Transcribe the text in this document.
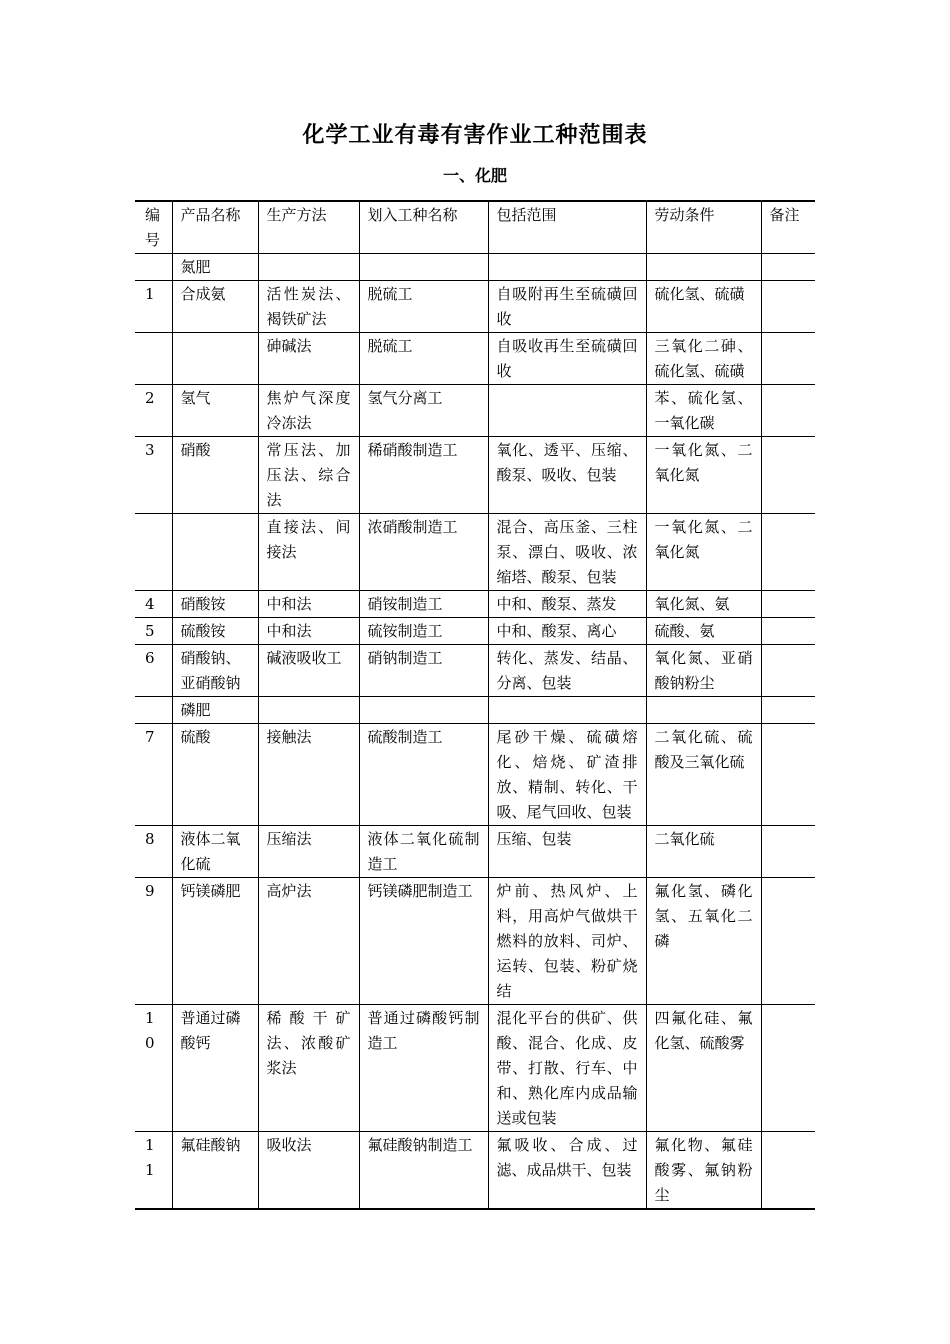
化学工业有毒有害作业工种范围表
一、化肥
编号	产品名称	生产方法	划入工种名称	包括范围	劳动条件	备注
	氮肥					
1	合成氨	活性炭法、褐铁矿法	脱硫工	自吸附再生至硫磺回收	硫化氢、硫磺	
		砷碱法	脱硫工	自吸收再生至硫磺回收	三氧化二砷、硫化氢、硫磺	
2	氢气	焦炉气深度冷冻法	氢气分离工		苯、硫化氢、一氧化碳	
3	硝酸	常压法、加压法、综合法	稀硝酸制造工	氧化、透平、压缩、酸泵、吸收、包装	一氧化氮、二氧化氮	
		直接法、间接法	浓硝酸制造工	混合、高压釜、三柱泵、漂白、吸收、浓缩塔、酸泵、包装	一氧化氮、二氧化氮	
4	硝酸铵	中和法	硝铵制造工	中和、酸泵、蒸发	氧化氮、氨	
5	硫酸铵	中和法	硫铵制造工	中和、酸泵、离心	硫酸、氨	
6	硝酸钠、亚硝酸钠	碱液吸收工	硝钠制造工	转化、蒸发、结晶、分离、包装	氧化氮、亚硝酸钠粉尘	
	磷肥					
7	硫酸	接触法	硫酸制造工	尾砂干燥、硫磺熔化、焙烧、矿渣排放、精制、转化、干吸、尾气回收、包装	二氧化硫、硫酸及三氧化硫	
8	液体二氧化硫	压缩法	液体二氧化硫制造工	压缩、包装	二氧化硫	
9	钙镁磷肥	高炉法	钙镁磷肥制造工	炉前、热风炉、上料，用高炉气做烘干燃料的放料、司炉、运转、包装、粉矿烧结	氟化氢、磷化氢、五氧化二磷	
10	普通过磷酸钙	稀酸干矿法、浓酸矿浆法	普通过磷酸钙制造工	混化平台的供矿、供酸、混合、化成、皮带、打散、行车、中和、熟化库内成品输送或包装	四氟化硅、氟化氢、硫酸雾	
11	氟硅酸钠	吸收法	氟硅酸钠制造工	氟吸收、合成、过滤、成品烘干、包装	氟化物、氟硅酸雾、氟钠粉尘	
